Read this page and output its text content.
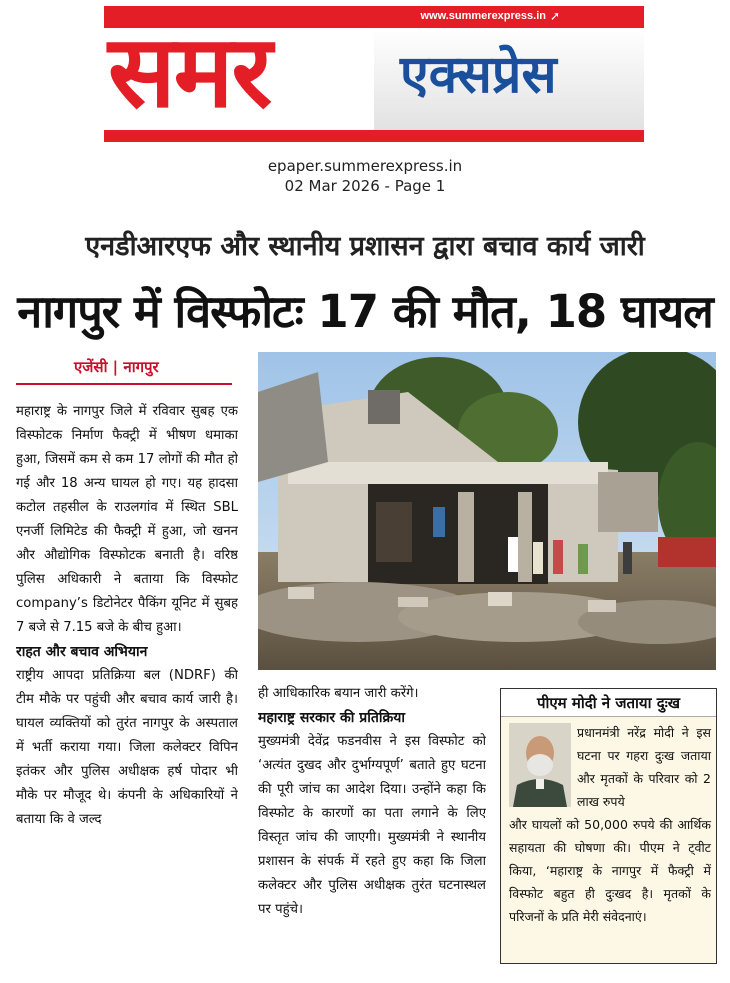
www.summerexpress.in ➚
समर एक्सप्रेस
epaper.summerexpress.in
02 Mar 2026 - Page 1
एनडीआरएफ और स्थानीय प्रशासन द्वारा बचाव कार्य जारी
नागपुर में विस्फोटः 17 की मौत, 18 घायल
एजेंसी | नागपुर

महाराष्ट्र के नागपुर जिले में रविवार सुबह एक विस्फोटक निर्माण फैक्ट्री में भीषण धमाका हुआ, जिसमें कम से कम 17 लोगों की मौत हो गई और 18 अन्य घायल हो गए। यह हादसा कटोल तहसील के राउलगांव में स्थित SBL एनर्जी लिमिटेड की फैक्ट्री में हुआ, जो खनन और औद्योगिक विस्फोटक बनाती है। वरिष्ठ पुलिस अधिकारी ने बताया कि विस्फोट company’s डिटोनेटर पैकिंग यूनिट में सुबह 7 बजे से 7.15 बजे के बीच हुआ।

राहत और बचाव अभियान

राष्ट्रीय आपदा प्रतिक्रिया बल (NDRF) की टीम मौके पर पहुंची और बचाव कार्य जारी है। घायल व्यक्तियों को तुरंत नागपुर के अस्पताल में भर्ती कराया गया। जिला कलेक्टर विपिन इतंकर और पुलिस अधीक्षक हर्ष पोदार भी मौके पर मौजूद थे। कंपनी के अधिकारियों ने बताया कि वे जल्द

ही आधिकारिक बयान जारी करेंगे।

महाराष्ट्र सरकार की प्रतिक्रिया

मुख्यमंत्री देवेंद्र फडनवीस ने इस विस्फोट को ‘अत्यंत दुखद और दुर्भाग्यपूर्ण’ बताते हुए घटना की पूरी जांच का आदेश दिया। उन्होंने कहा कि विस्फोट के कारणों का पता लगाने के लिए विस्तृत जांच की जाएगी। मुख्यमंत्री ने स्थानीय प्रशासन के संपर्क में रहते हुए कहा कि जिला कलेक्टर और पुलिस अधीक्षक तुरंत घटनास्थल पर पहुंचे।

पीएम मोदी ने जताया दुःख

प्रधानमंत्री नरेंद्र मोदी ने इस घटना पर गहरा दुःख जताया और मृतकों के परिवार को 2 लाख रुपये

और घायलों को 50,000 रुपये की आर्थिक सहायता की घोषणा की। पीएम ने ट्वीट किया, ‘महाराष्ट्र के नागपुर में फैक्ट्री में विस्फोट बहुत ही दुःखद है। मृतकों के परिजनों के प्रति मेरी संवेदनाएं।
